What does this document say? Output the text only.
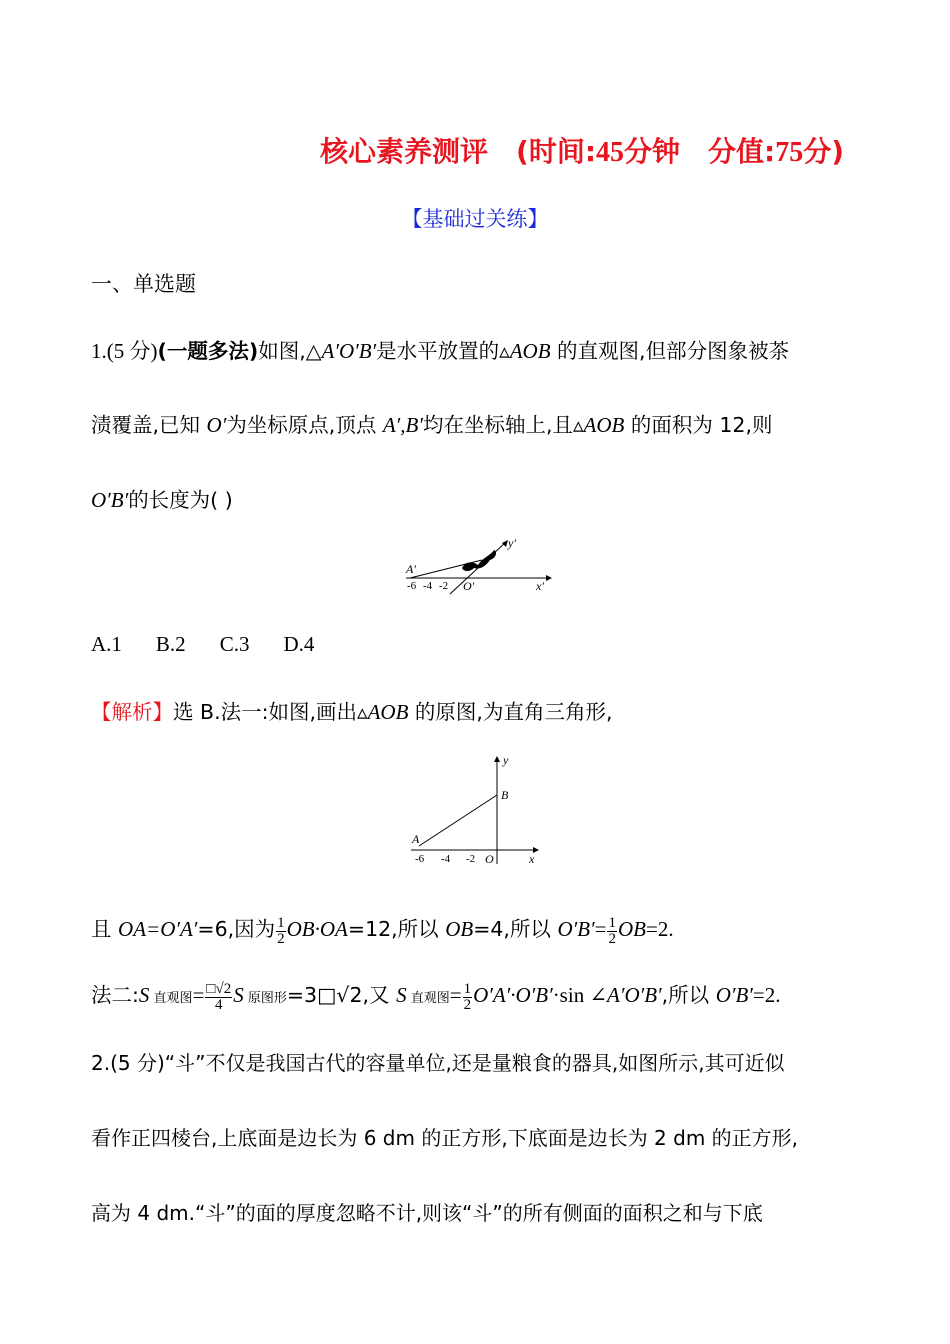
核心素养测评 (时间:45分钟 分值:75分)
【基础过关练】
一、单选题
1.(5 分)(一题多法)如图,△A′O′B′是水平放置的▵AOB 的直观图,但部分图象被茶
渍覆盖,已知 O′为坐标原点,顶点 A′,B′均在坐标轴上,且▵AOB 的面积为 12,则
O′B′的长度为( )
A′
-6 -4 -2 O′	x′
y′
A.1 B.2 C.3 D.4
【解析】选 B.法一:如图,画出▵AOB 的原图,为直角三角形,
y
B
A
-6 -4 -2 O	x
且 OA=O′A′=6,因为 $\frac{1}{2} OB\cdot OA=12$,所以 OB=4,所以 $O'B'= \frac{1}{2} OB=2$.
法二:S 直观图= $\frac{□√2}{4}$ S 原图形=3□√2,又 S 直观图= $\frac{1}{2} O'A'\cdot O'B'\cdot\sin$ ∠A′O′B′,所以 O′B′=2.
2.(5 分)“斗”不仅是我国古代的容量单位,还是量粮食的器具,如图所示,其可近似
看作正四棱台,上底面是边长为 6 dm 的正方形,下底面是边长为 2 dm 的正方形,
高为 4 dm.“斗”的面的厚度忽略不计,则该“斗”的所有侧面的面积之和与下底
